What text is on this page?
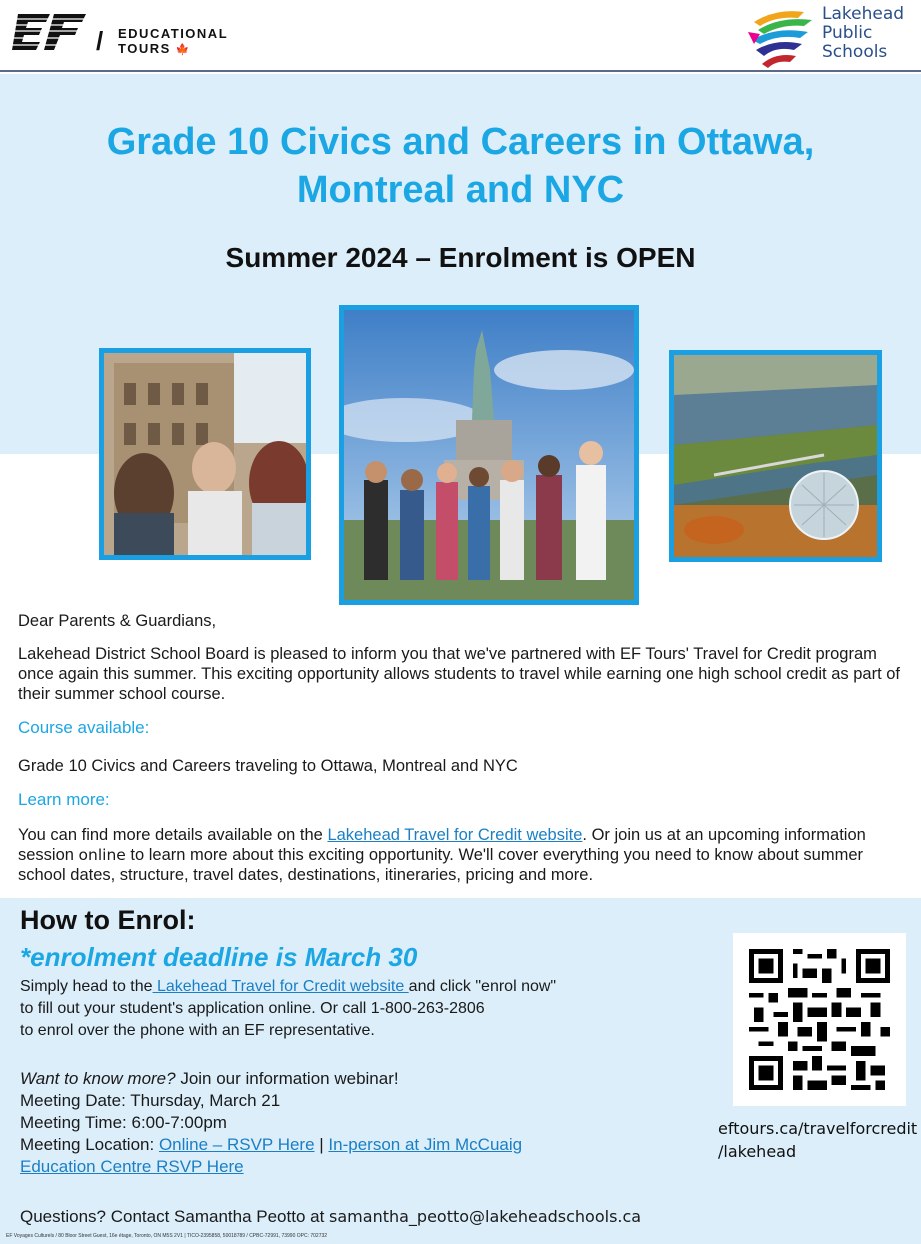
/ EDUCATIONAL
TOURS 🍁
Lakehead
Public
Schools
Grade 10 Civics and Careers in Ottawa,
Montreal and NYC
Summer 2024 – Enrolment is OPEN
Dear Parents & Guardians,
Lakehead District School Board is pleased to inform you that we've partnered with EF Tours' Travel for Credit program once again this summer. This exciting opportunity allows students to travel while earning one high school credit as part of their summer school course.
Course available:
Grade 10 Civics and Careers traveling to Ottawa, Montreal and NYC
Learn more:
You can find more details available on the Lakehead Travel for Credit website. Or join us at an upcoming information session online to learn more about this exciting opportunity. We'll cover everything you need to know about summer school dates, structure, travel dates, destinations, itineraries, pricing and more.
How to Enrol:
*enrolment deadline is March 30
Simply head to the Lakehead Travel for Credit website and click "enrol now"
to fill out your student's application online. Or call 1-800-263-2806
to enrol over the phone with an EF representative.
Want to know more? Join our information webinar!
Meeting Date: Thursday, March 21
Meeting Time: 6:00-7:00pm
Meeting Location: Online – RSVP Here | In-person at Jim McCuaig
Education Centre RSVP Here
eftours.ca/travelforcredit
/lakehead
Questions? Contact Samantha Peotto at samantha_peotto@lakeheadschools.ca
EF Voyages Culturels / 80 Bloor Street Guest, 16e étage, Toronto, ON M5S 2V1 | TICO-2395858, 50018789 / CPBC-72991, 73990 OPC: 702732
